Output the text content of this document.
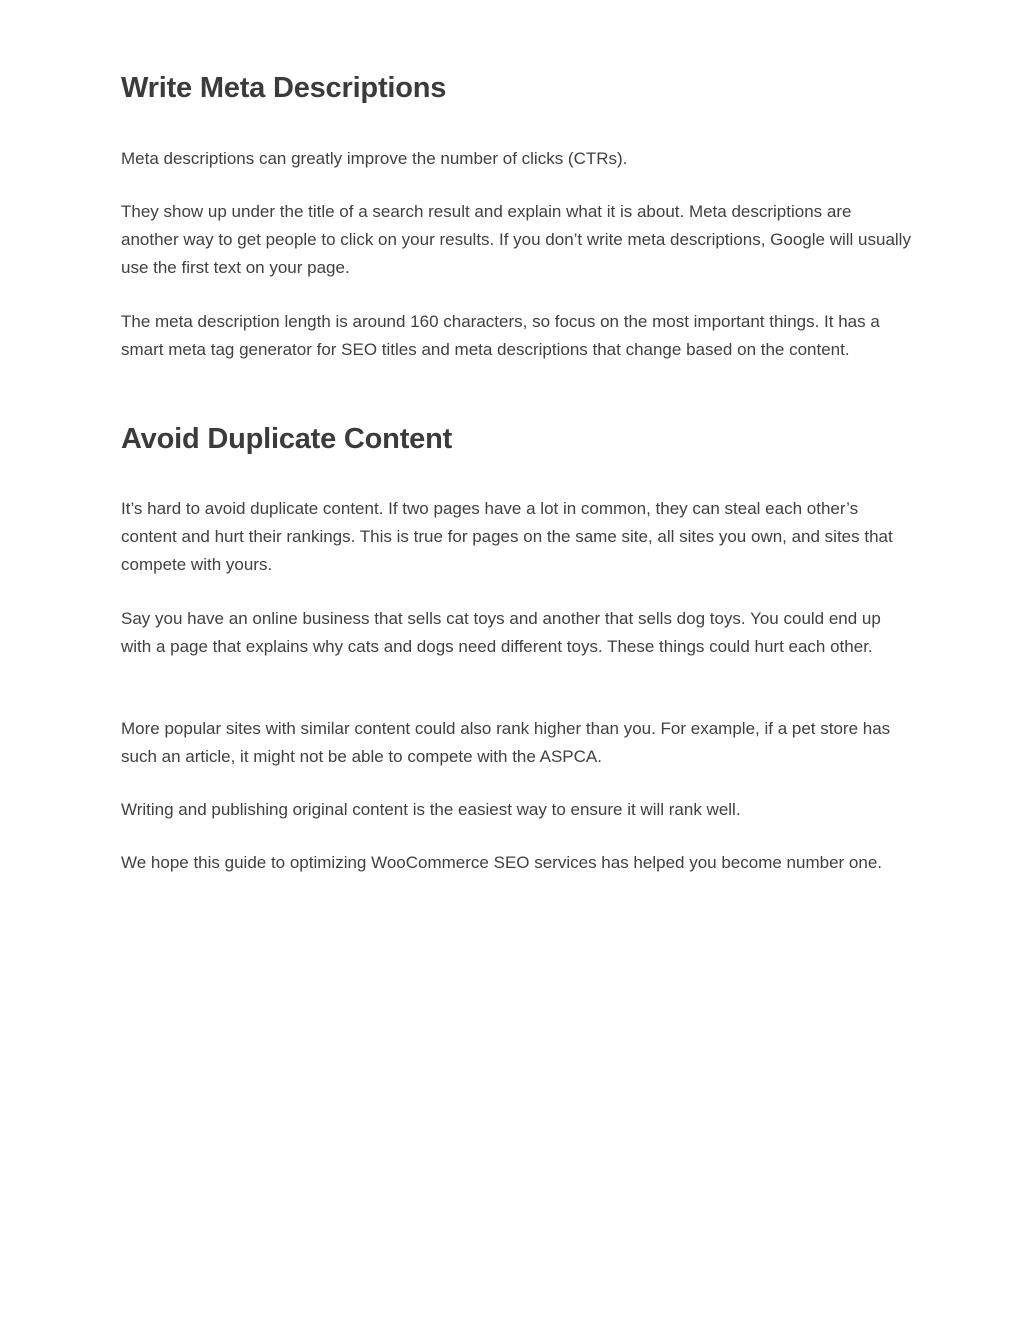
Write Meta Descriptions

Meta descriptions can greatly improve the number of clicks (CTRs).

They show up under the title of a search result and explain what it is about. Meta descriptions are another way to get people to click on your results. If you don’t write meta descriptions, Google will usually use the first text on your page.

The meta description length is around 160 characters, so focus on the most important things. It has a smart meta tag generator for SEO titles and meta descriptions that change based on the content.

Avoid Duplicate Content

It’s hard to avoid duplicate content. If two pages have a lot in common, they can steal each other’s content and hurt their rankings. This is true for pages on the same site, all sites you own, and sites that compete with yours.

Say you have an online business that sells cat toys and another that sells dog toys. You could end up with a page that explains why cats and dogs need different toys. These things could hurt each other.

More popular sites with similar content could also rank higher than you. For example, if a pet store has such an article, it might not be able to compete with the ASPCA.

Writing and publishing original content is the easiest way to ensure it will rank well.

We hope this guide to optimizing WooCommerce SEO services has helped you become number one.
